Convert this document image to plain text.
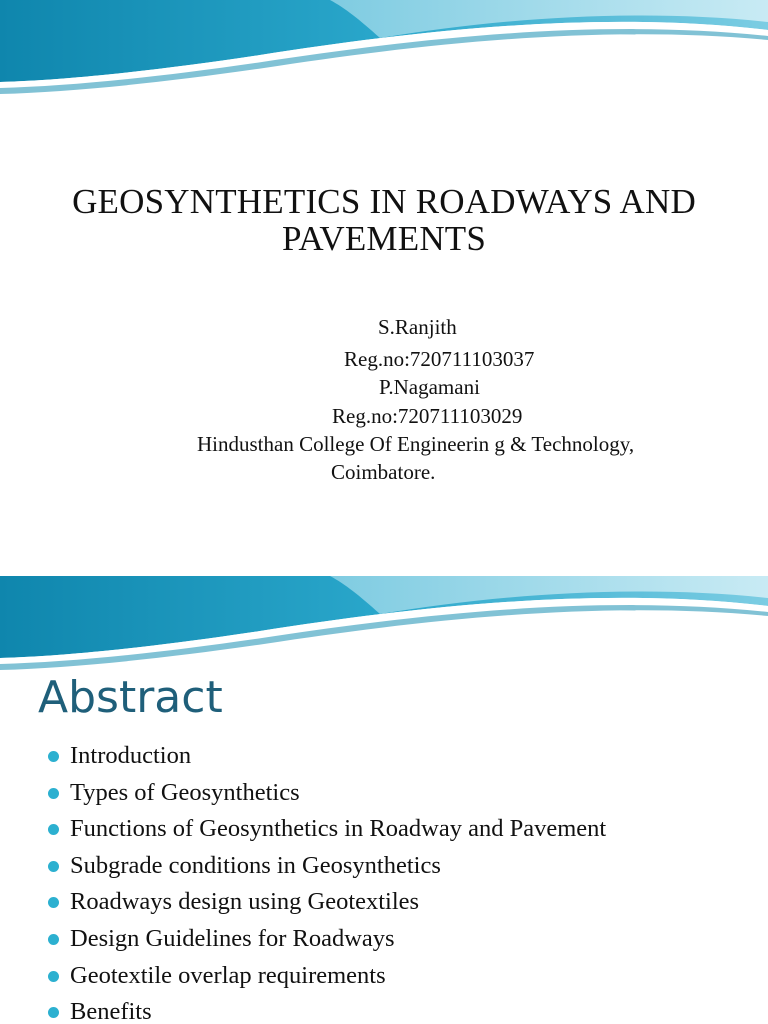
GEOSYNTHETICS IN ROADWAYS AND
PAVEMENTS
S.Ranjith
Reg.no:720711103037
P.Nagamani
Reg.no:720711103029
Hindusthan College Of Engineerin g & Technology,
Coimbatore.
Abstract
Introduction
Types of Geosynthetics
Functions of Geosynthetics in Roadway and Pavement
Subgrade conditions in Geosynthetics
Roadways design using Geotextiles
Design Guidelines for Roadways
Geotextile overlap requirements
Benefits
